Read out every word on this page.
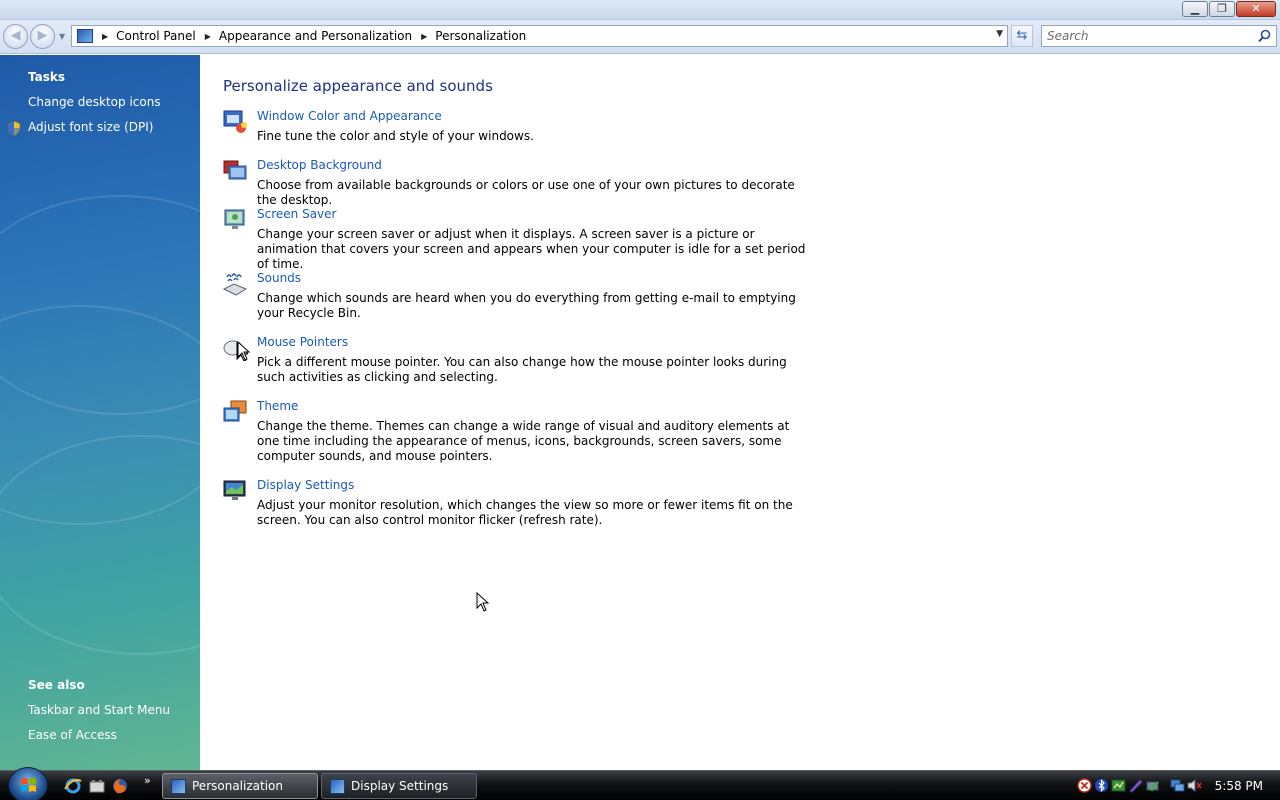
▁	❐	✕
◀	▶	▼	▶ Control Panel ▶ Appearance and Personalization ▶ Personalization	▼	⇆
Search
Tasks
Change desktop icons
Adjust font size (DPI)
See also
Taskbar and Start Menu
Ease of Access
Personalize appearance and sounds
Window Color and Appearance
Fine tune the color and style of your windows.
Desktop Background
Choose from available backgrounds or colors or use one of your own pictures to decorate the desktop.
Screen Saver
Change your screen saver or adjust when it displays. A screen saver is a picture or animation that covers your screen and appears when your computer is idle for a set period of time.
Sounds
Change which sounds are heard when you do everything from getting e-mail to emptying your Recycle Bin.
Mouse Pointers
Pick a different mouse pointer. You can also change how the mouse pointer looks during such activities as clicking and selecting.
Theme
Change the theme. Themes can change a wide range of visual and auditory elements at one time including the appearance of menus, icons, backgrounds, screen savers, some computer sounds, and mouse pointers.
Display Settings
Adjust your monitor resolution, which changes the view so more or fewer items fit on the screen. You can also control monitor flicker (refresh rate).
»	Personalization	Display Settings	5:58 PM
